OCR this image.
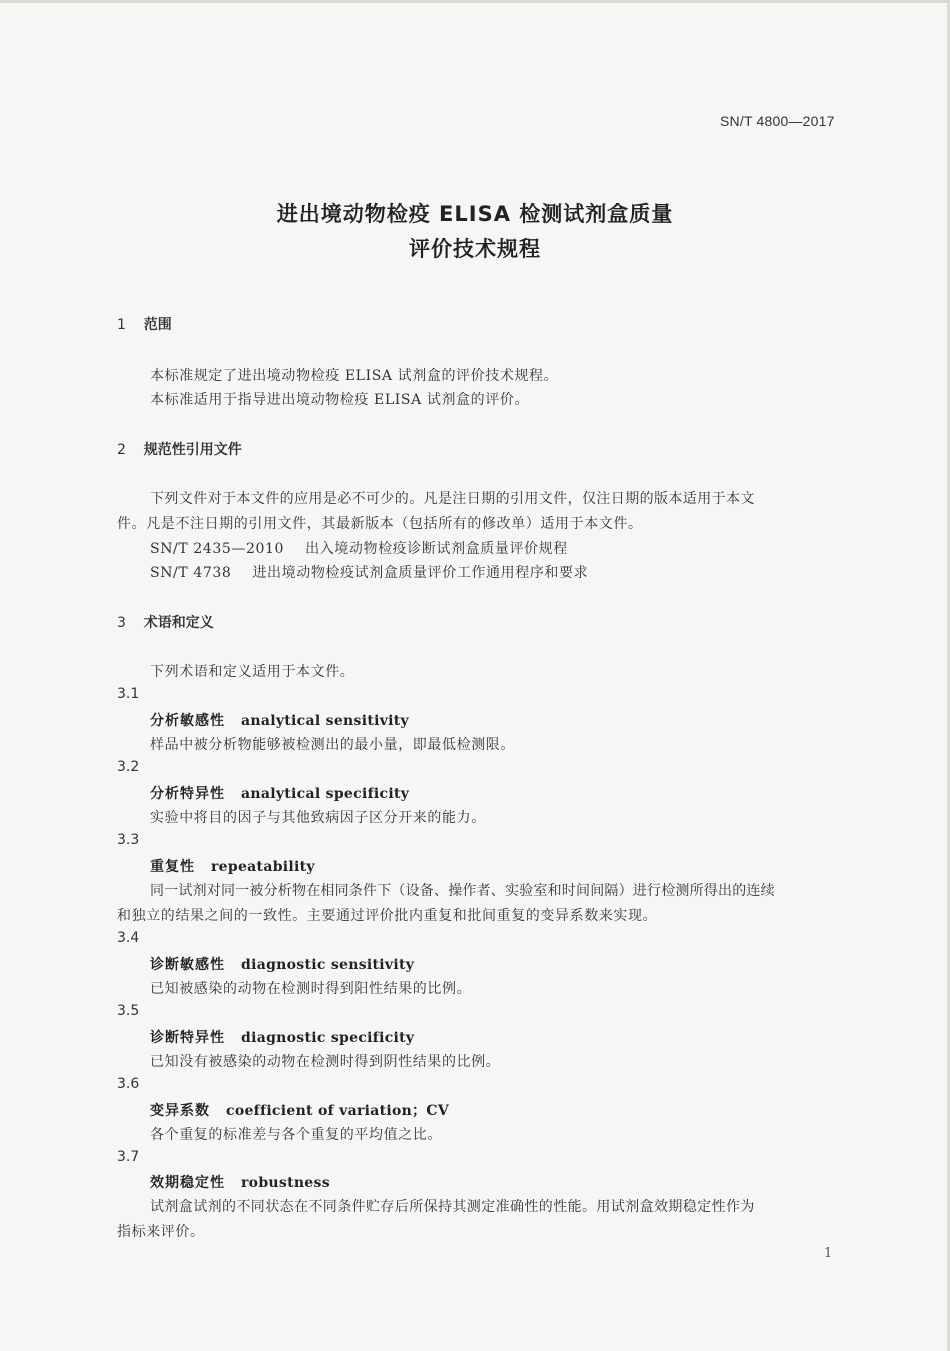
SN/T 4800—2017
进出境动物检疫 ELISA 检测试剂盒质量
评价技术规程
1 范围
本标准规定了进出境动物检疫 ELISA 试剂盒的评价技术规程。
本标准适用于指导进出境动物检疫 ELISA 试剂盒的评价。
2 规范性引用文件
下列文件对于本文件的应用是必不可少的。凡是注日期的引用文件，仅注日期的版本适用于本文
件。凡是不注日期的引用文件，其最新版本（包括所有的修改单）适用于本文件。
SN/T 2435—2010 出入境动物检疫诊断试剂盒质量评价规程
SN/T 4738 进出境动物检疫试剂盒质量评价工作通用程序和要求
3 术语和定义
下列术语和定义适用于本文件。
3.1
分析敏感性 analytical sensitivity
样品中被分析物能够被检测出的最小量，即最低检测限。
3.2
分析特异性 analytical specificity
实验中将目的因子与其他致病因子区分开来的能力。
3.3
重复性 repeatability
同一试剂对同一被分析物在相同条件下（设备、操作者、实验室和时间间隔）进行检测所得出的连续
和独立的结果之间的一致性。主要通过评价批内重复和批间重复的变异系数来实现。
3.4
诊断敏感性 diagnostic sensitivity
已知被感染的动物在检测时得到阳性结果的比例。
3.5
诊断特异性 diagnostic specificity
已知没有被感染的动物在检测时得到阴性结果的比例。
3.6
变异系数 coefficient of variation；CV
各个重复的标准差与各个重复的平均值之比。
3.7
效期稳定性 robustness
试剂盒试剂的不同状态在不同条件贮存后所保持其测定准确性的性能。用试剂盒效期稳定性作为
指标来评价。
1
